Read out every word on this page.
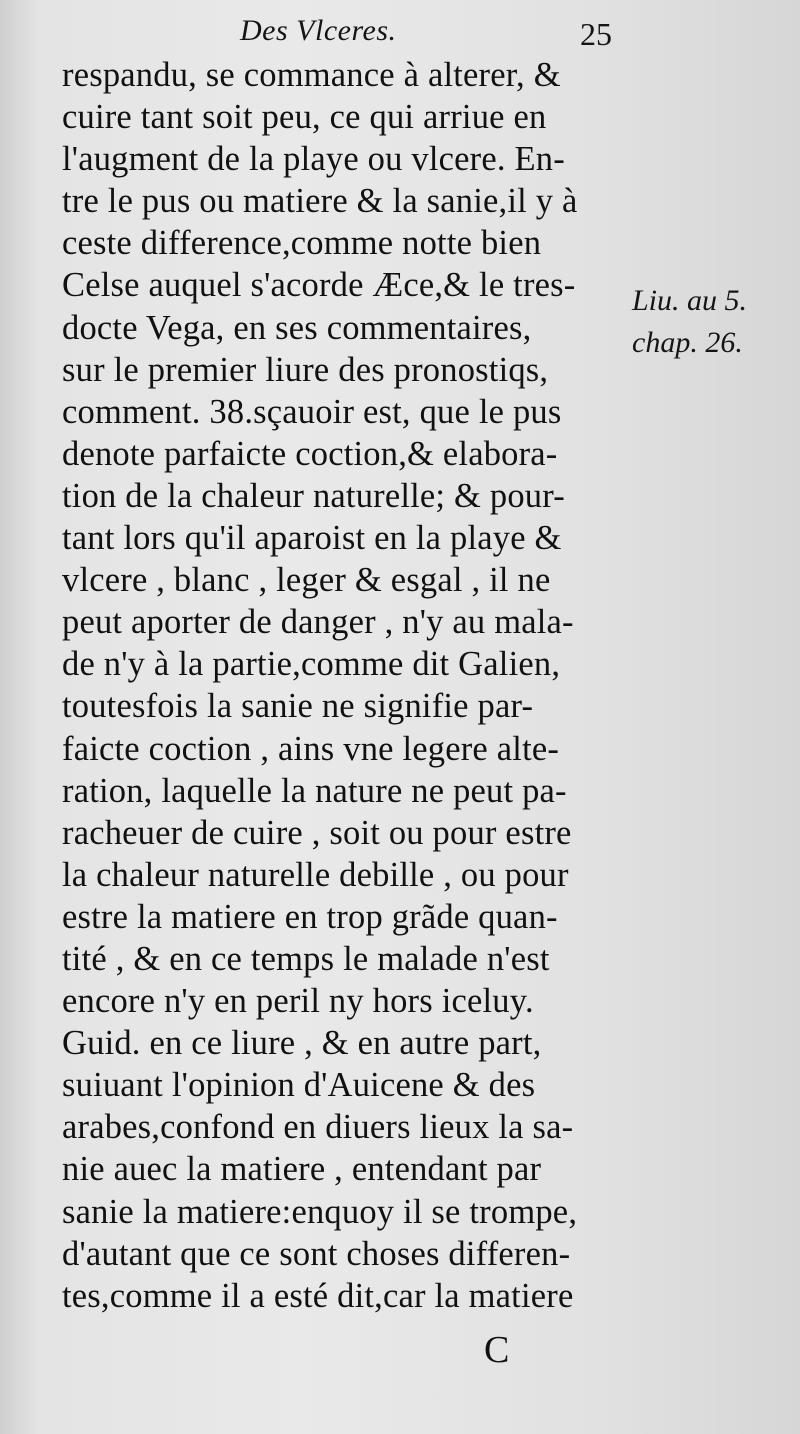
Des Vlceres.	25
respandu, se commance à alterer, &
cuire tant soit peu, ce qui arriue en
l'augment de la playe ou vlcere. En-
tre le pus ou matiere & la sanie,il y à
ceste difference,comme notte bien
Celse auquel s'acorde Æce,& le tres-
docte Vega, en ses commentaires,
sur le premier liure des pronostiqs,
comment. 38.sçauoir est, que le pus
denote parfaicte coction,& elabora-
tion de la chaleur naturelle; & pour-
tant lors qu'il aparoist en la playe &
vlcere , blanc , leger & esgal , il ne
peut aporter de danger , n'y au mala-
de n'y à la partie,comme dit Galien,
toutesfois la sanie ne signifie par-
faicte coction , ains vne legere alte-
ration, laquelle la nature ne peut pa-
racheuer de cuire , soit ou pour estre
la chaleur naturelle debille , ou pour
estre la matiere en trop grãde quan-
tité , & en ce temps le malade n'est
encore n'y en peril ny hors iceluy.
Guid. en ce liure , & en autre part,
suiuant l'opinion d'Auicene & des
arabes,confond en diuers lieux la sa-
nie auec la matiere , entendant par
sanie la matiere:enquoy il se trompe,
d'autant que ce sont choses differen-
tes,comme il a esté dit,car la matiere
Liu. au 5.
chap. 26.
C
